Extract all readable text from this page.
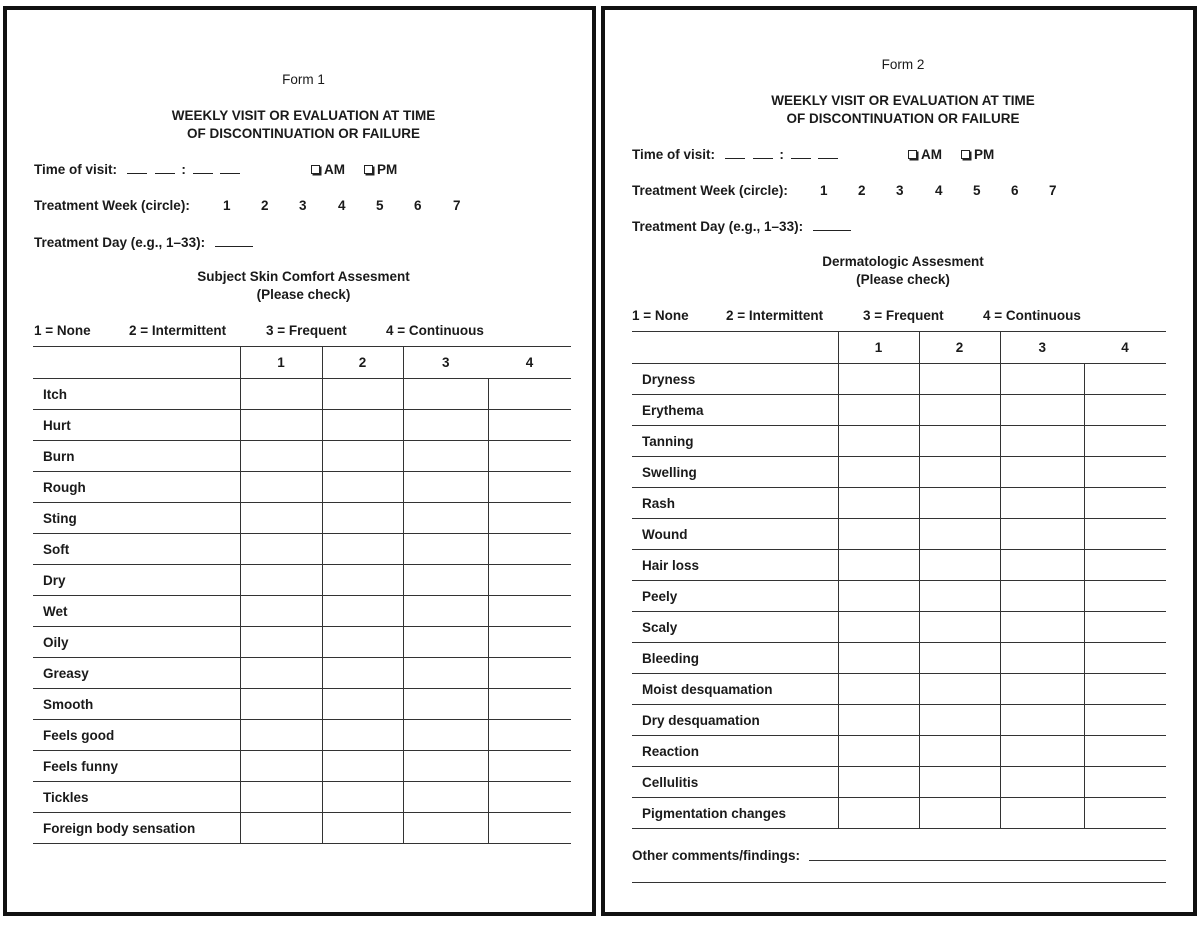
Form 1
WEEKLY VISIT OR EVALUATION AT TIME
OF DISCONTINUATION OR FAILURE
Time of visit:	:	AM	PM
Treatment Week (circle): 1 2 3 4 5 6 7
Treatment Day (e.g., 1–33):
Subject Skin Comfort Assesment
(Please check)
1 = None	2 = Intermittent	3 = Frequent	4 = Continuous
	1	2	3	4
Itch				
Hurt				
Burn				
Rough				
Sting				
Soft				
Dry				
Wet				
Oily				
Greasy				
Smooth				
Feels good				
Feels funny				
Tickles				
Foreign body sensation				
Form 2
WEEKLY VISIT OR EVALUATION AT TIME
OF DISCONTINUATION OR FAILURE
Time of visit:	:	AM	PM
Treatment Week (circle): 1 2 3 4 5 6 7
Treatment Day (e.g., 1–33):
Dermatologic Assesment
(Please check)
1 = None	2 = Intermittent	3 = Frequent	4 = Continuous
	1	2	3	4
Dryness				
Erythema				
Tanning				
Swelling				
Rash				
Wound				
Hair loss				
Peely				
Scaly				
Bleeding				
Moist desquamation				
Dry desquamation				
Reaction				
Cellulitis				
Pigmentation changes				
Other comments/findings:
